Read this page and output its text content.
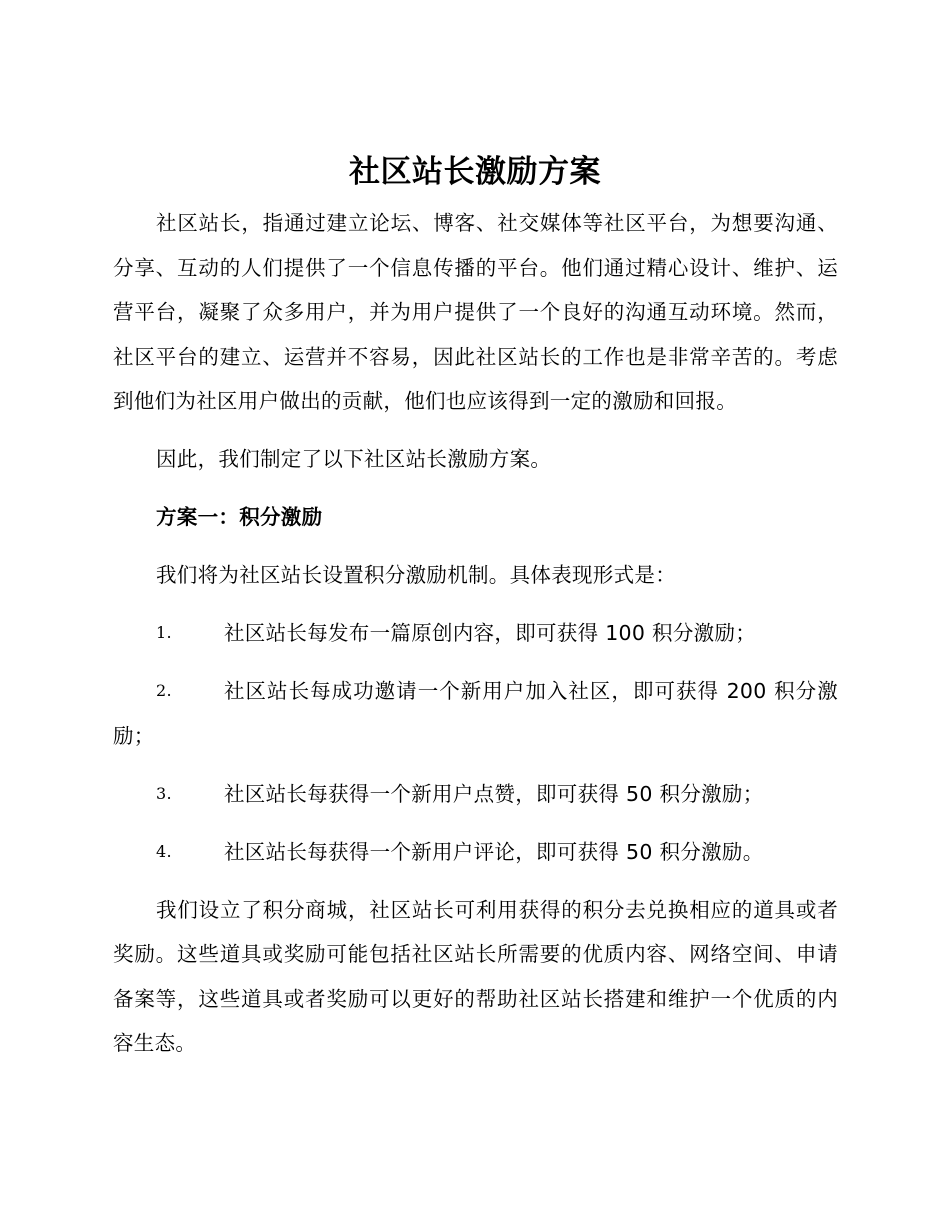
社区站长激励方案

社区站长，指通过建立论坛、博客、社交媒体等社区平台，为想要沟通、分享、互动的人们提供了一个信息传播的平台。他们通过精心设计、维护、运营平台，凝聚了众多用户，并为用户提供了一个良好的沟通互动环境。然而，社区平台的建立、运营并不容易，因此社区站长的工作也是非常辛苦的。考虑到他们为社区用户做出的贡献，他们也应该得到一定的激励和回报。

因此，我们制定了以下社区站长激励方案。

方案一：积分激励

我们将为社区站长设置积分激励机制。具体表现形式是：

1.	社区站长每发布一篇原创内容，即可获得 100 积分激励；

2.	社区站长每成功邀请一个新用户加入社区，即可获得 200 积分激励；

3.	社区站长每获得一个新用户点赞，即可获得 50 积分激励；

4.	社区站长每获得一个新用户评论，即可获得 50 积分激励。

我们设立了积分商城，社区站长可利用获得的积分去兑换相应的道具或者奖励。这些道具或奖励可能包括社区站长所需要的优质内容、网络空间、申请备案等，这些道具或者奖励可以更好的帮助社区站长搭建和维护一个优质的内容生态。
